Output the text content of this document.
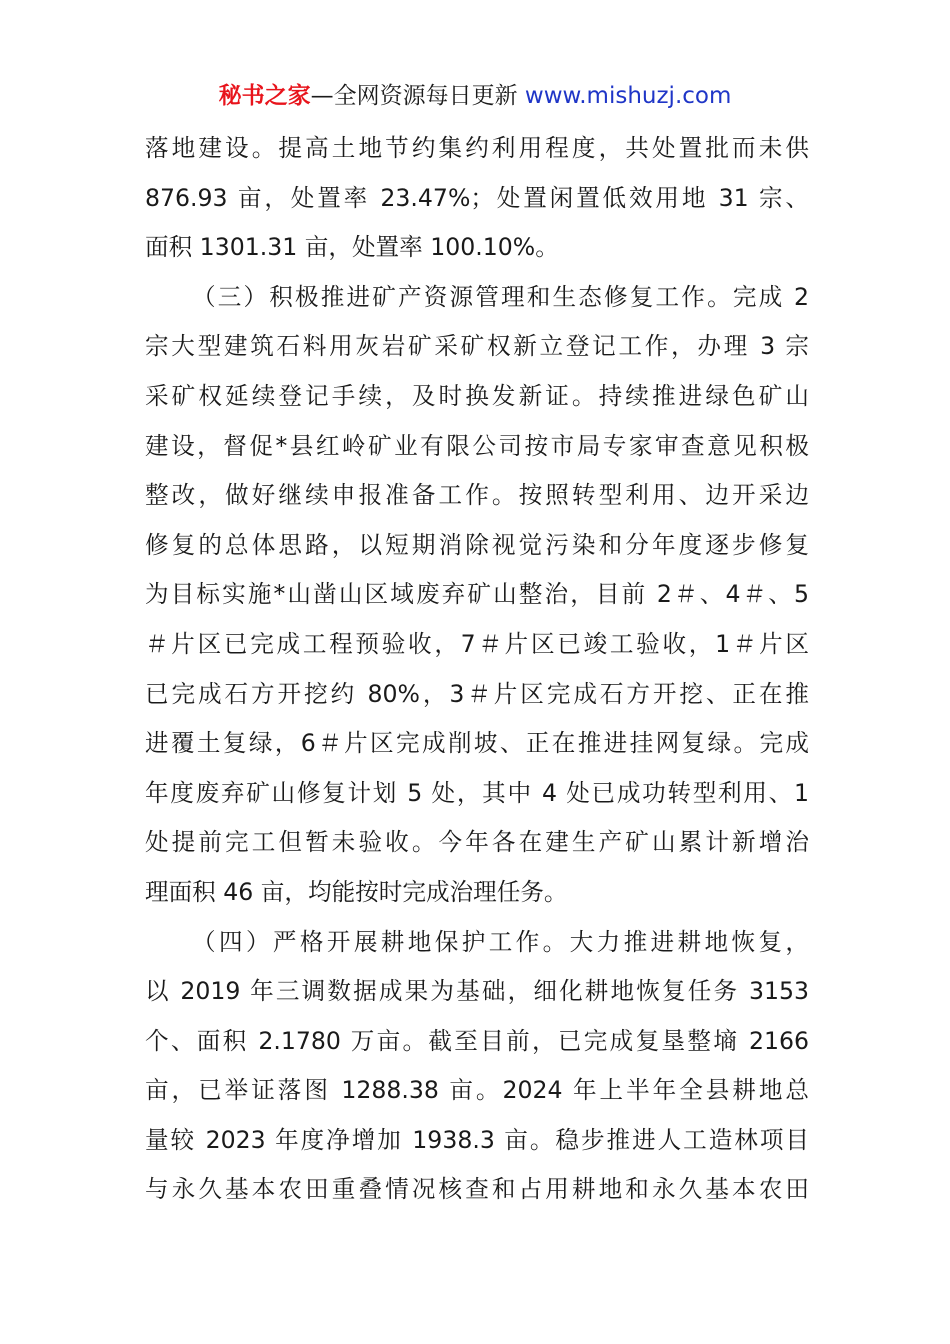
秘书之家—全网资源每日更新 www.mishuzj.com
落地建设。提高土地节约集约利用程度，共处置批而未供
876.93 亩，处置率 23.47%；处置闲置低效用地 31 宗、
面积 1301.31 亩，处置率 100.10%。
（三）积极推进矿产资源管理和生态修复工作。完成 2
宗大型建筑石料用灰岩矿采矿权新立登记工作，办理 3 宗
采矿权延续登记手续，及时换发新证。持续推进绿色矿山
建设，督促*县红岭矿业有限公司按市局专家审查意见积极
整改，做好继续申报准备工作。按照转型利用、边开采边
修复的总体思路，以短期消除视觉污染和分年度逐步修复
为目标实施*山凿山区域废弃矿山整治，目前 2＃、4＃、5
＃片区已完成工程预验收，7＃片区已竣工验收，1＃片区
已完成石方开挖约 80%，3＃片区完成石方开挖、正在推
进覆土复绿，6＃片区完成削坡、正在推进挂网复绿。完成
年度废弃矿山修复计划 5 处，其中 4 处已成功转型利用、1
处提前完工但暂未验收。今年各在建生产矿山累计新增治
理面积 46 亩，均能按时完成治理任务。
（四）严格开展耕地保护工作。大力推进耕地恢复，
以 2019 年三调数据成果为基础，细化耕地恢复任务 3153
个、面积 2.1780 万亩。截至目前，已完成复垦整墒 2166
亩，已举证落图 1288.38 亩。2024 年上半年全县耕地总
量较 2023 年度净增加 1938.3 亩。稳步推进人工造林项目
与永久基本农田重叠情况核查和占用耕地和永久基本农田
